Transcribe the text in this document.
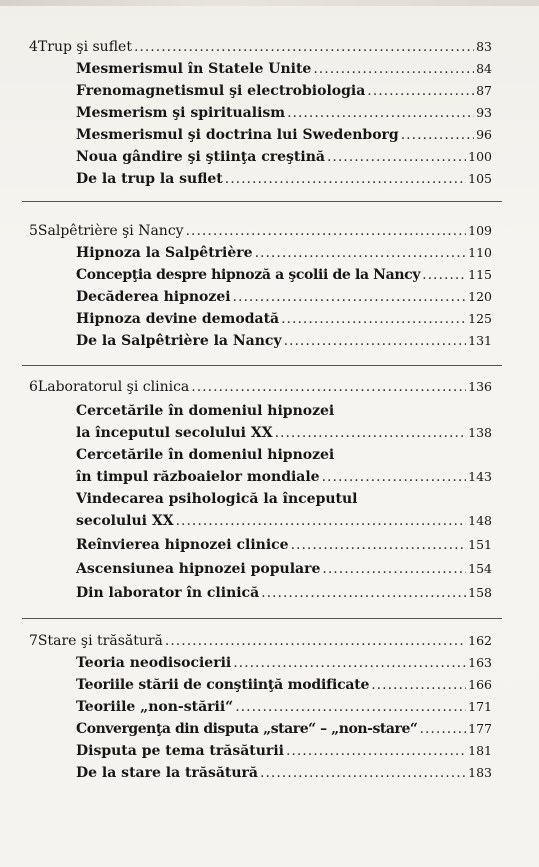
4 Trup şi suflet .....	83
Mesmerismul în Statele Unite .....	84
Frenomagnetismul şi electrobiologia .....	87
Mesmerism şi spiritualism .....	93
Mesmerismul şi doctrina lui Swedenborg .....	96
Noua gândire şi ştiinţa creştină .....	100
De la trup la suflet .....	105
5 Salpêtrière şi Nancy .....	109
Hipnoza la Salpêtrière .....	110
Concepţia despre hipnoză a şcolii de la Nancy .....	115
Decăderea hipnozei .....	120
Hipnoza devine demodată .....	125
De la Salpêtrière la Nancy .....	131
6 Laboratorul şi clinica .....	136
Cercetările în domeniul hipnozei
la începutul secolului XX .....	138
Cercetările în domeniul hipnozei
în timpul războaielor mondiale .....	143
Vindecarea psihologică la începutul
secolului XX .....	148
Reînvierea hipnozei clinice .....	151
Ascensiunea hipnozei populare .....	154
Din laborator în clinică .....	158
7 Stare şi trăsătură .....	162
Teoria neodisocierii .....	163
Teoriile stării de conştiinţă modificate .....	166
Teoriile „non-stării“ .....	171
Convergenţa din disputa „stare“ – „non-stare“ .....	177
Disputa pe tema trăsăturii .....	181
De la stare la trăsătură .....	183
